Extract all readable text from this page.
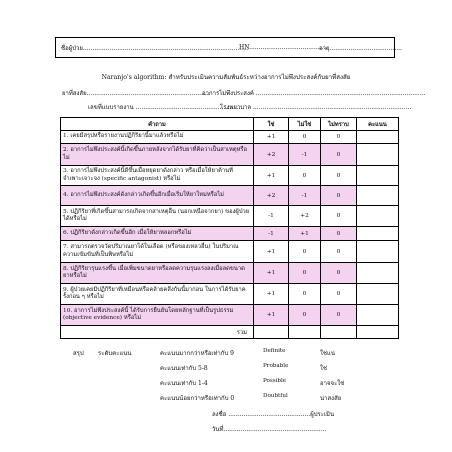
ชื่อผู้ป่วย.......................................................................................
HN.........................................
อายุ......................................
Naranjo's algorithm: สำหรับประเมินความสัมพันธ์ระหว่างอาการไม่พึงประสงค์กับยาที่สงสัย
ยาที่สงสัย.................................................................
อาการไม่พึงประสงค์ .........................................................................................
เลขที่แบบรายงาน .........................................................
โรงพยาบาล ...................................................................................
คำถาม	ใช่	ไม่ใช่	ไม่ทราบ	คะแนน

1. เคยมีสรุปหรือรายงานปฏิกิริยานี้มาแล้วหรือไม่	+1	0	0	

2. อาการไม่พึงประสงค์นี้เกิดขึ้นภายหลังจากได้รับยาที่คิดว่าเป็นสาเหตุหรือไม่	+2	-1	0	

3. อาการไม่พึงประสงค์นี้ดีขึ้นเมื่อหยุดยาดังกล่าว หรือเมื่อให้ยาต้านที่จำเพาะเจาะจง (specific antagonist) หรือไม่	+1	0	0	

4. อาการไม่พึงประสงค์ดังกล่าวเกิดขึ้นอีกเมื่อเริ่มให้ยาใหม่หรือไม่	+2	-1	0	

5. ปฏิกิริยาที่เกิดขึ้นสามารถเกิดจากสาเหตุอื่น (นอกเหนือจากยา) ของผู้ป่วยได้หรือไม่	-1	+2	0	

6. ปฏิกิริยาดังกล่าวเกิดขึ้นอีก เมื่อให้ยาหลอกหรือไม่	-1	+1	0	

7. สามารถตรวจวัดปริมาณยาได้ในเลือด (หรือของเหลวอื่น) ในปริมาณความเข้มข้นที่เป็นพิษหรือไม่	+1	0	0	

8. ปฏิกิริยารุนแรงขึ้น เมื่อเพิ่มขนาดยาหรือลดความรุนแรงลงเมื่อลดขนาดยาหรือไม่	+1	0	0	

9. ผู้ป่วยเคยมีปฏิกิริยาที่เหมือนหรือคล้ายคลึงกันนี้มาก่อน ในการได้รับยาครั้งก่อน ๆ หรือไม่	+1	0	0	

10. อาการไม่พึงประสงค์นี้ ได้รับการยืนยันโดยหลักฐานที่เป็นรูปธรรม (objective evidence) หรือไม่	+1	0	0	
รวม				
สรุป ระดับคะแนน	คะแนนมากกว่าหรือเท่ากับ 9	Definite	ใช่แน่
คะแนนเท่ากับ 5-8	Probable	ใช่
คะแนนเท่ากับ 1-4	Possible	อาจจะใช่
คะแนนน้อยกว่าหรือเท่ากับ 0	Doubtful	น่าสงสัย
ลงชื่อ ...........................................ผู้ประเมิน
วันที่......................................................
